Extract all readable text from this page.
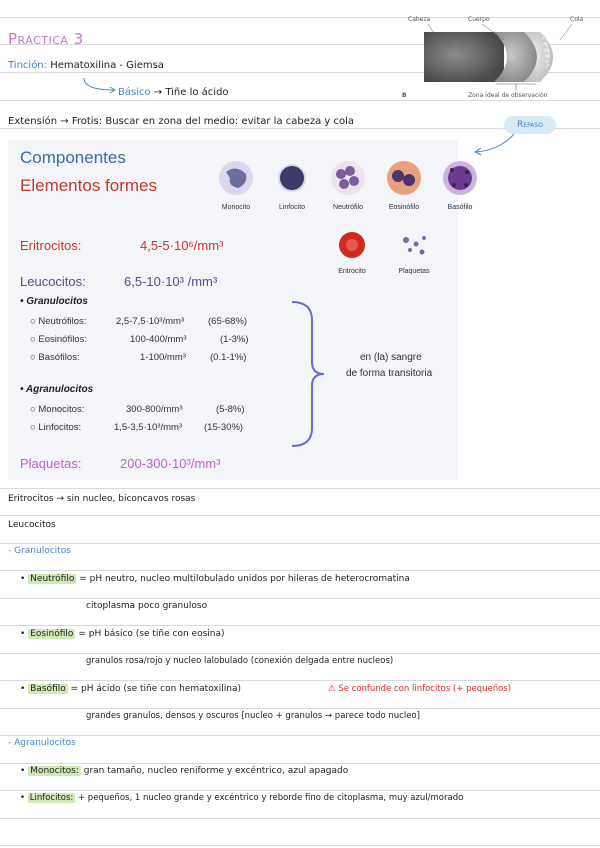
Práctica 3
Tinción: Hematoxilina - Giemsa
Básico → Tiñe lo ácido
Cabeza	Cuerpo	Cola
B	Zona ideal de observación
Extensión → Frotis: Buscar en zona del medio: evitar la cabeza y cola	Repaso
Componentes
Elementos formes
Monocito	Linfocito	Neutrófilo	Eosinófilo	Basófilo
Eritrocito	Plaquetas
Eritrocitos:	4,5-5·10⁶/mm³
Leucocitos:	6,5-10·10³ /mm³
• Granulocitos
○ Neutrófilos:	2,5-7,5·10³/mm³	(65-68%)
○ Eosinófilos:	100-400/mm³	(1-3%)
○ Basófilos:	1-100/mm³	(0.1-1%)
• Agranulocitos
○ Monocitos:	300-800/mm³	(5-8%)
○ Linfocitos:	1,5-3,5·10³/mm³ (15-30%)
en (la) sangre
de forma transitoria
Plaquetas:	200-300·10³/mm³
Eritrocitos → sin nucleo, biconcavos rosas
Leucocitos
- Granulocitos
• Neutrófilo = pH neutro, nucleo multilobulado unidos por hileras de heterocromatina
citoplasma poco granuloso
• Eosinófilo = pH básico (se tiñe con eosina)
granulos rosa/rojo y nucleo lalobulado (conexión delgada entre nucleos)
• Basófilo = pH ácido (se tiñe con hematoxilina)	⚠ Se confunde con linfocitos (+ pequeños)
grandes granulos, densos y oscuros [nucleo + granulos → parece todo nucleo]
- Agranulocitos
• Monocitos: gran tamaño, nucleo reniforme y excéntrico, azul apagado
• Linfocitos: + pequeños, 1 nucleo grande y excéntrico y reborde fino de citoplasma, muy azul/morado
